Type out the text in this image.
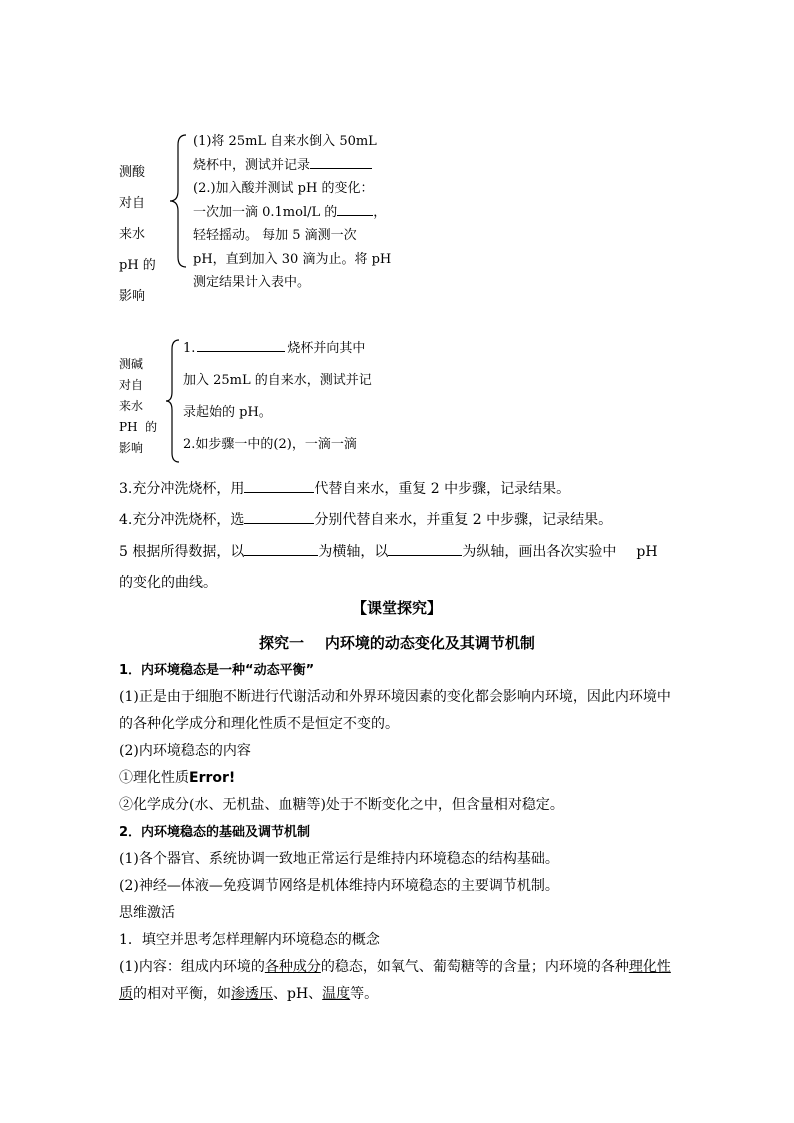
测酸
对自
来水
pH 的
影响
(1)将 25mL 自来水倒入 50mL
烧杯中，测试并记录
(2.)加入酸并测试 pH 的变化：
一次加一滴 0.1mol/L 的	，
轻轻摇动。 每加 5 滴测一次
pH，直到加入 30 滴为止。将 pH
测定结果计入表中。
测碱
对自
来水
PH  的
影响
1.	烧杯并向其中
加入 25mL 的自来水，测试并记
录起始的 pH。
2.如步骤一中的(2)，一滴一滴
3.充分冲洗烧杯，用	代替自来水，重复 2 中步骤，记录结果。
4.充分冲洗烧杯，选	分别代替自来水，并重复 2 中步骤，记录结果。
5 根据所得数据，以	为横轴，以	为纵轴，画出各次实验中 pH
的变化的曲线。
【课堂探究】
探究一    内环境的动态变化及其调节机制
1．内环境稳态是一种“动态平衡”
(1)正是由于细胞不断进行代谢活动和外界环境因素的变化都会影响内环境，因此内环境中
的各种化学成分和理化性质不是恒定不变的。
(2)内环境稳态的内容
①理化性质Error!
②化学成分(水、无机盐、血糖等)处于不断变化之中，但含量相对稳定。
2．内环境稳态的基础及调节机制
(1)各个器官、系统协调一致地正常运行是维持内环境稳态的结构基础。
(2)神经—体液—免疫调节网络是机体维持内环境稳态的主要调节机制。
思维激活
1．填空并思考怎样理解内环境稳态的概念
(1)内容：组成内环境的各种成分的稳态，如氧气、葡萄糖等的含量；内环境的各种理化性
质的相对平衡，如渗透压、pH、温度等。
